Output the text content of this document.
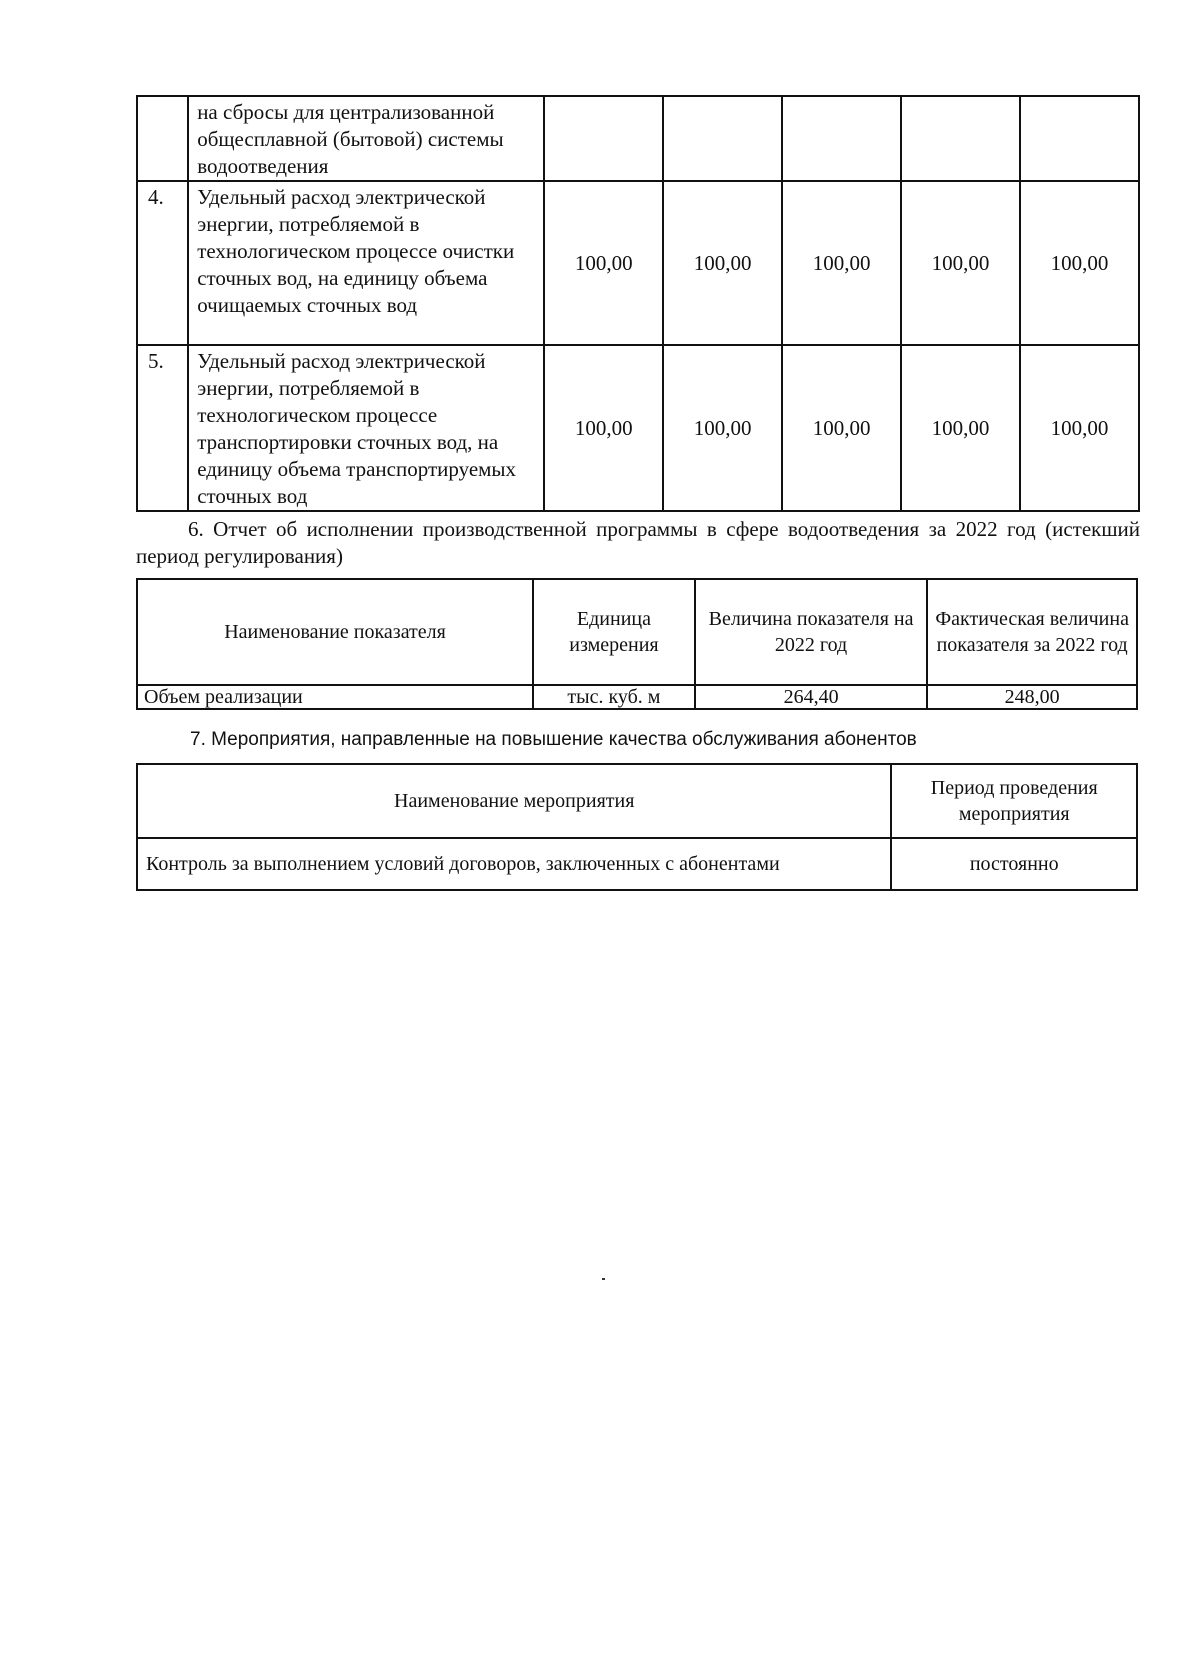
	на сбросы для централизованной общесплавной (бытовой) системы водоотведения					
4.	Удельный расход электрической энергии, потребляемой в технологическом процессе очистки сточных вод, на единицу объема очищаемых сточных вод	100,00	100,00	100,00	100,00	100,00
5.	Удельный расход электрической энергии, потребляемой в технологическом процессе транспортировки сточных вод, на единицу объема транспортируемых сточных вод	100,00	100,00	100,00	100,00	100,00
6. Отчет об исполнении производственной программы в сфере водоотведения за 2022 год (истекший период регулирования)
Наименование показателя	Единица измерения	Величина показателя на 2022 год	Фактическая величина показателя за 2022 год
Объем реализации	тыс. куб. м	264,40	248,00
7. Мероприятия, направленные на повышение качества обслуживания абонентов
Наименование мероприятия	Период проведения мероприятия
Контроль за выполнением условий договоров, заключенных с абонентами	постоянно
